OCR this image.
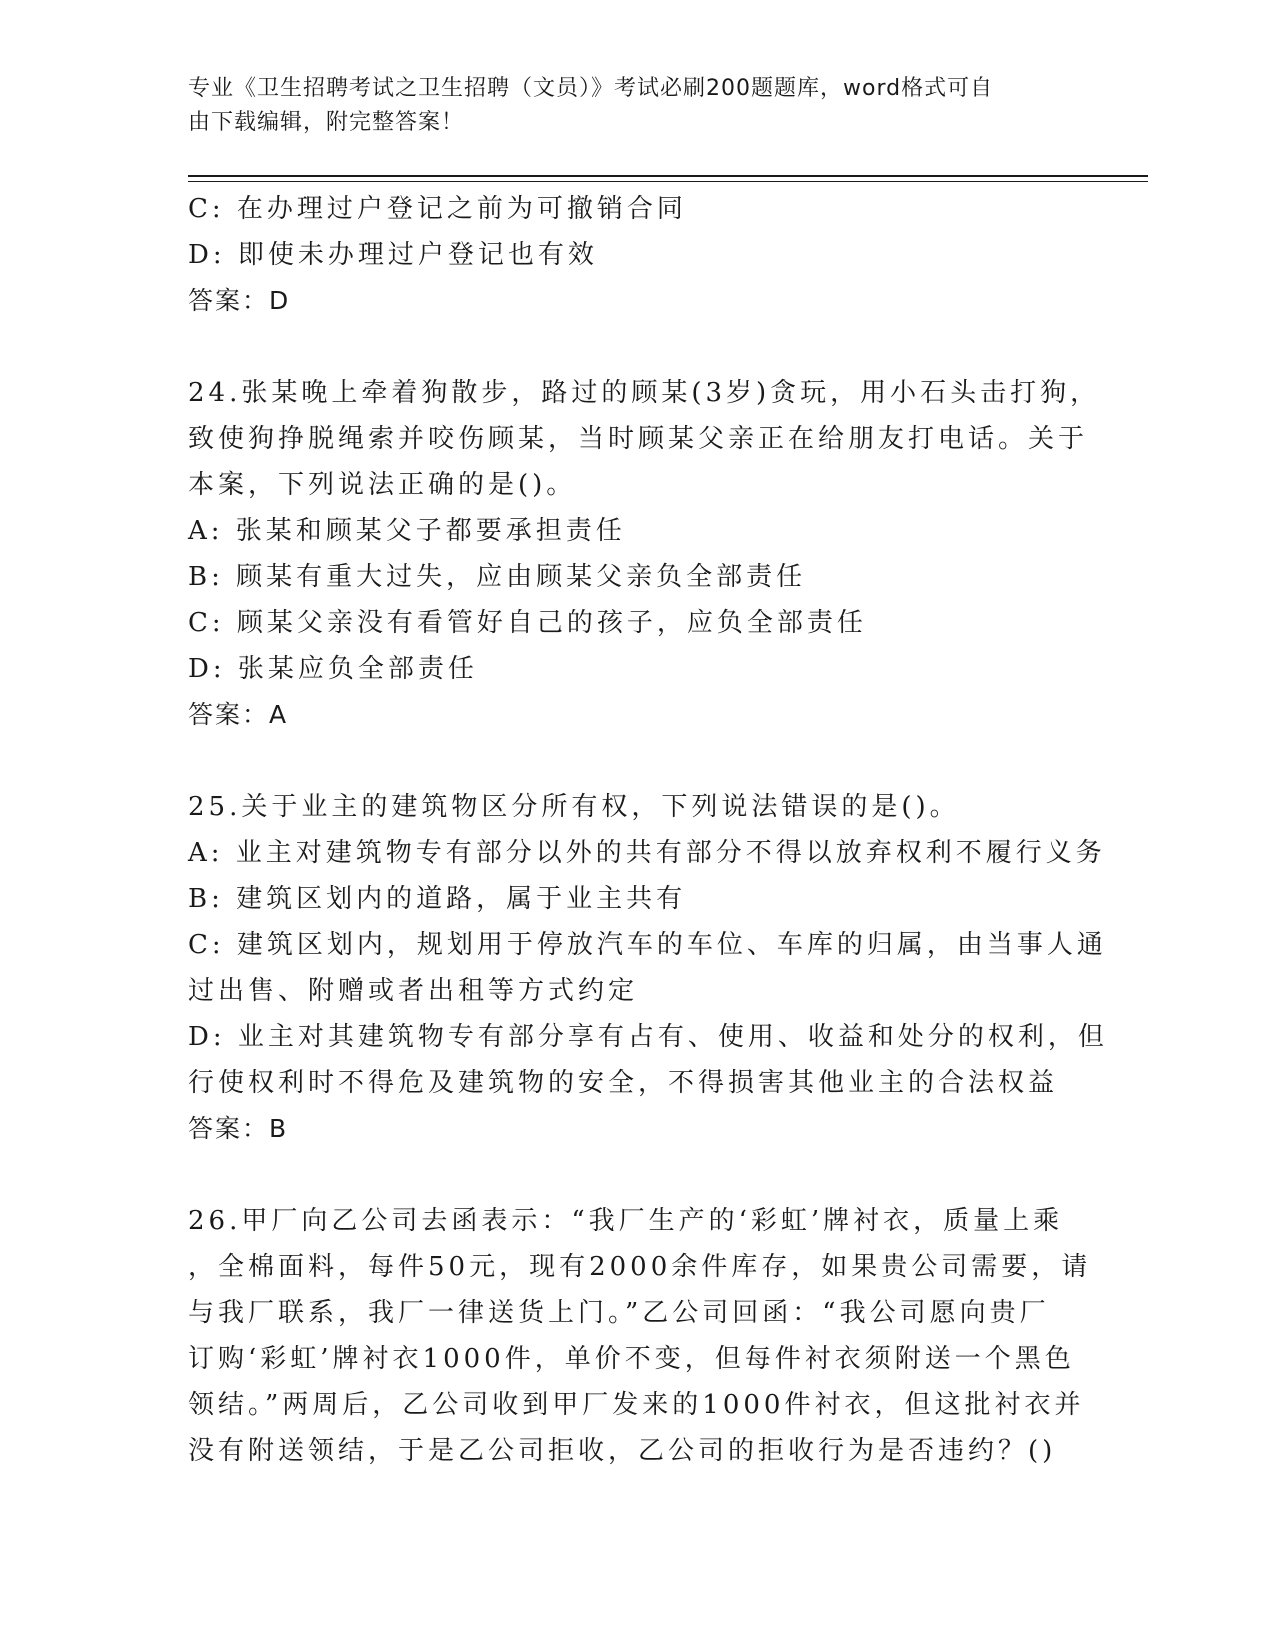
专业《卫生招聘考试之卫生招聘（文员）》考试必刷200题题库，word格式可自
由下载编辑，附完整答案！
C: 在办理过户登记之前为可撤销合同
D: 即使未办理过户登记也有效
答案：D
24.张某晚上牵着狗散步，路过的顾某(3岁)贪玩，用小石头击打狗，
致使狗挣脱绳索并咬伤顾某，当时顾某父亲正在给朋友打电话。关于
本案，下列说法正确的是()。
A: 张某和顾某父子都要承担责任
B: 顾某有重大过失，应由顾某父亲负全部责任
C: 顾某父亲没有看管好自己的孩子，应负全部责任
D: 张某应负全部责任
答案：A
25.关于业主的建筑物区分所有权，下列说法错误的是()。
A: 业主对建筑物专有部分以外的共有部分不得以放弃权利不履行义务
B: 建筑区划内的道路，属于业主共有
C: 建筑区划内，规划用于停放汽车的车位、车库的归属，由当事人通
过出售、附赠或者出租等方式约定
D: 业主对其建筑物专有部分享有占有、使用、收益和处分的权利，但
行使权利时不得危及建筑物的安全，不得损害其他业主的合法权益
答案：B
26.甲厂向乙公司去函表示：“我厂生产的‘彩虹’牌衬衣，质量上乘
，全棉面料，每件50元，现有2000余件库存，如果贵公司需要，请
与我厂联系，我厂一律送货上门。”乙公司回函：“我公司愿向贵厂
订购‘彩虹’牌衬衣1000件，单价不变，但每件衬衣须附送一个黑色
领结。”两周后，乙公司收到甲厂发来的1000件衬衣，但这批衬衣并
没有附送领结，于是乙公司拒收，乙公司的拒收行为是否违约？()
